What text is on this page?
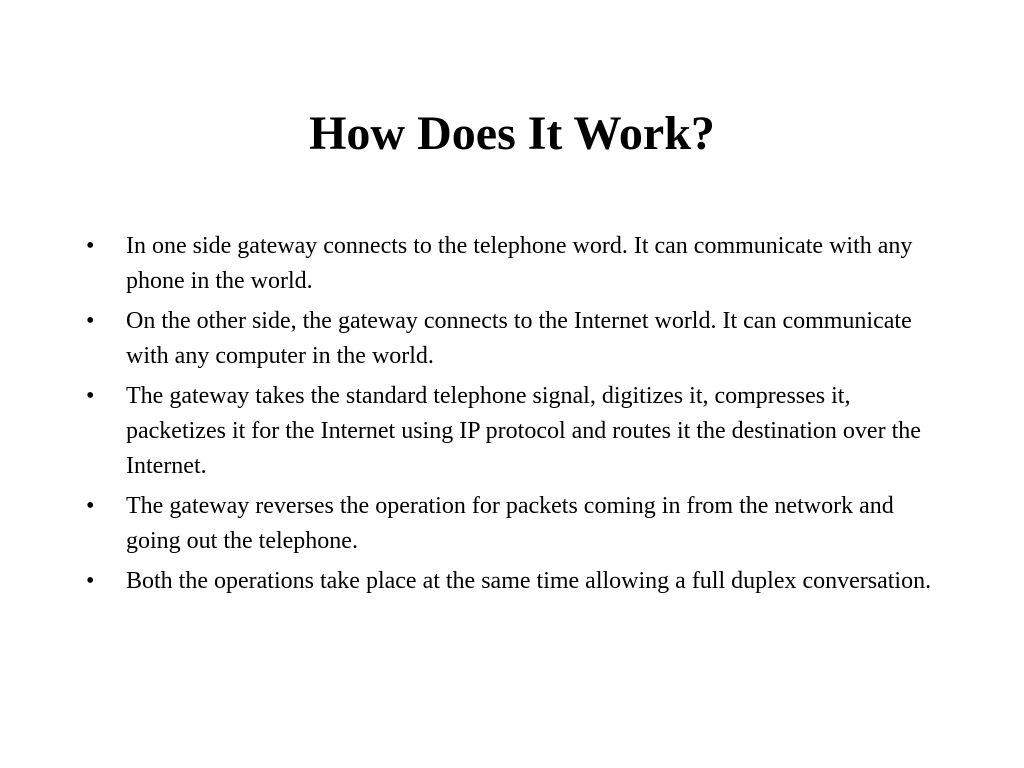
How Does It Work?
•	In one side gateway connects to the telephone word. It can communicate with any phone in the world.
•	On the other side, the gateway connects to the Internet world. It can communicate with any computer in the world.
•	The gateway takes the standard telephone signal, digitizes it, compresses it, packetizes it for the Internet using IP protocol and routes it the destination over the Internet.
•	The gateway reverses the operation for packets coming in from the network and going out the telephone.
•	Both the operations take place at the same time allowing a full duplex conversation.
